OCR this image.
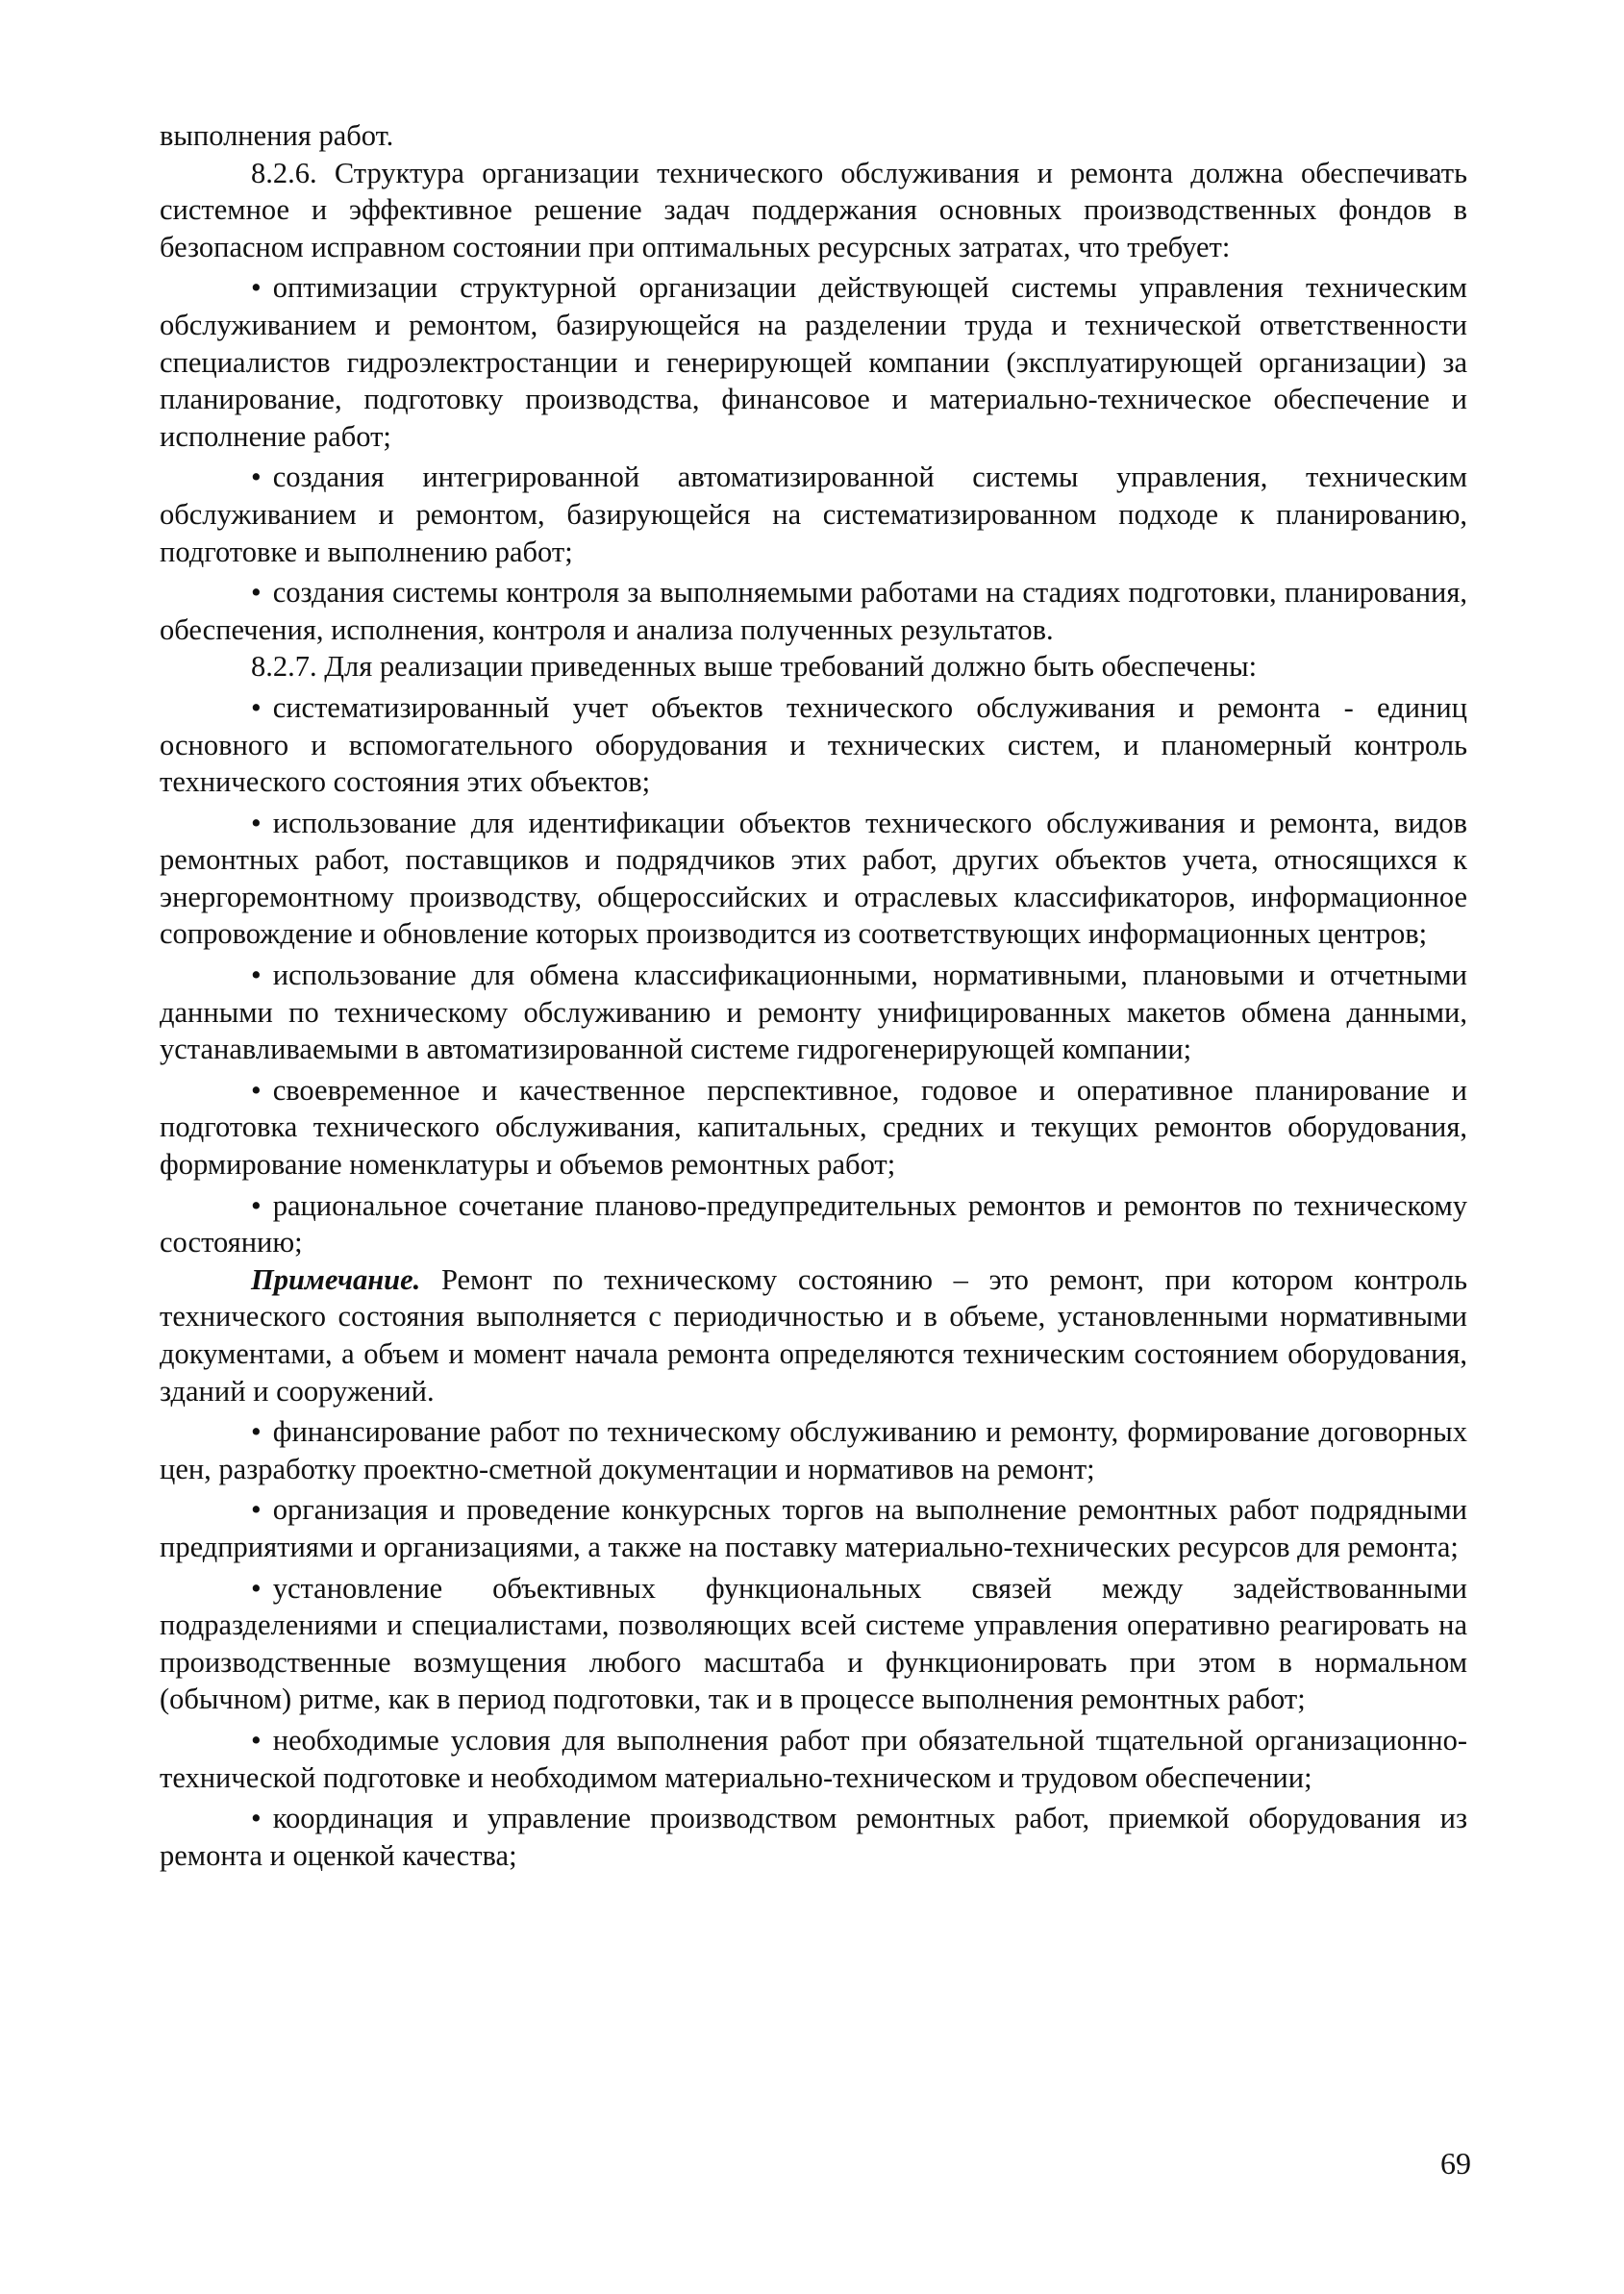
выполнения работ.

8.2.6. Структура организации технического обслуживания и ремонта должна обеспечивать системное и эффективное решение задач поддержания основных производственных фондов в безопасном исправном состоянии при оптимальных ресурсных затратах, что требует:

• оптимизации структурной организации действующей системы управления техническим обслуживанием и ремонтом, базирующейся на разделении труда и технической ответственности специалистов гидроэлектростанции и генерирующей компании (эксплуатирующей организации) за планирование, подготовку производства, финансовое и материально-техническое обеспечение и исполнение работ;

• создания интегрированной автоматизированной системы управления, техническим обслуживанием и ремонтом, базирующейся на систематизированном подходе к планированию, подготовке и выполнению работ;

• создания системы контроля за выполняемыми работами на стадиях подготовки, планирования, обеспечения, исполнения, контроля и анализа полученных результатов.

8.2.7. Для реализации приведенных выше требований должно быть обеспечены:

• систематизированный учет объектов технического обслуживания и ремонта - единиц основного и вспомогательного оборудования и технических систем, и планомерный контроль технического состояния этих объектов;

• использование для идентификации объектов технического обслуживания и ремонта, видов ремонтных работ, поставщиков и подрядчиков этих работ, других объектов учета, относящихся к энергоремонтному производству, общероссийских и отраслевых классификаторов, информационное сопровождение и обновление которых производится из соответствующих информационных центров;

• использование для обмена классификационными, нормативными, плановыми и отчетными данными по техническому обслуживанию и ремонту унифицированных макетов обмена данными, устанавливаемыми в автоматизированной системе гидрогенерирующей компании;

• своевременное и качественное перспективное, годовое и оперативное планирование и подготовка технического обслуживания, капитальных, средних и текущих ремонтов оборудования, формирование номенклатуры и объемов ремонтных работ;

• рациональное сочетание планово-предупредительных ремонтов и ремонтов по техническому состоянию;

Примечание. Ремонт по техническому состоянию – это ремонт, при котором контроль технического состояния выполняется с периодичностью и в объеме, установленными нормативными документами, а объем и момент начала ремонта определяются техническим состоянием оборудования, зданий и сооружений.

• финансирование работ по техническому обслуживанию и ремонту, формирование договорных цен, разработку проектно-сметной документации и нормативов на ремонт;

• организация и проведение конкурсных торгов на выполнение ремонтных работ подрядными предприятиями и организациями, а также на поставку материально-технических ресурсов для ремонта;

• установление объективных функциональных связей между задействованными подразделениями и специалистами, позволяющих всей системе управления оперативно реагировать на производственные возмущения любого масштаба и функционировать при этом в нормальном (обычном) ритме, как в период подготовки, так и в процессе выполнения ремонтных работ;

• необходимые условия для выполнения работ при обязательной тщательной организационно-технической подготовке и необходимом материально-техническом и трудовом обеспечении;

• координация и управление производством ремонтных работ, приемкой оборудования из ремонта и оценкой качества;

69
